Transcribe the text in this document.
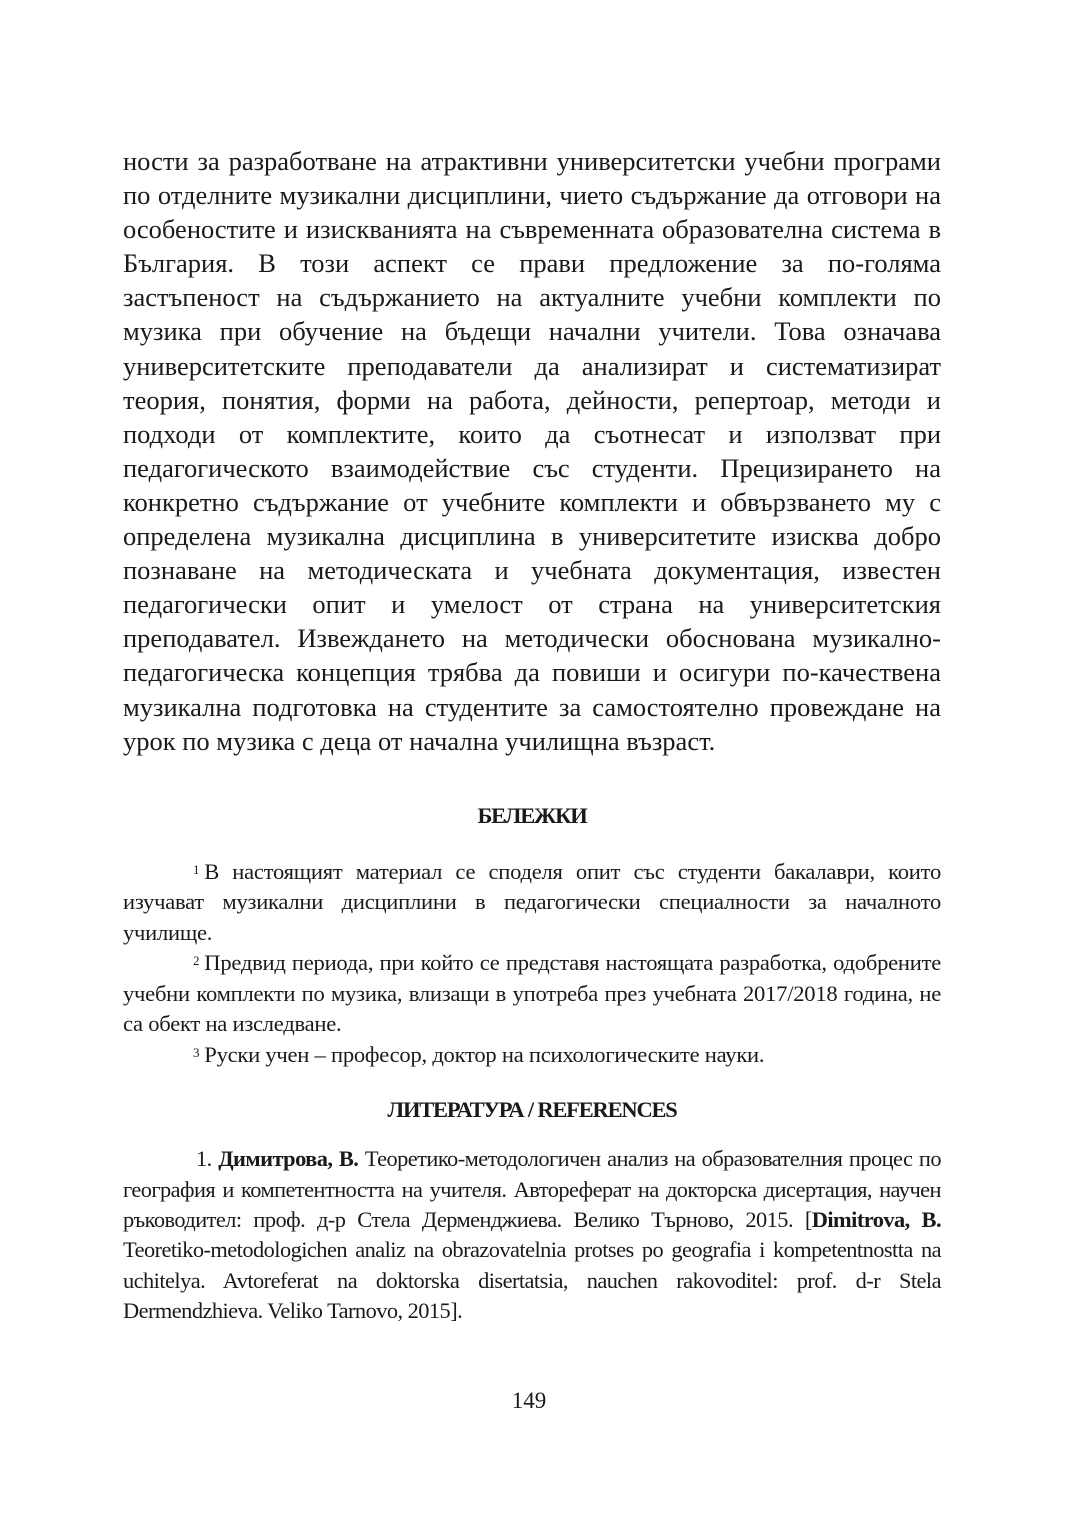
ности за разработване на атрактивни университетски учебни програми по отделните музикални дисциплини, чието съдържание да отговори на особеностите и изискванията на съвременната образователна система в България. В този аспект се прави предложение за по-голяма застъпеност на съдържанието на актуалните учебни комплекти по музика при обучение на бъдещи начални учители. Това означава университетските преподаватели да анализират и систематизират теория, понятия, форми на работа, дейности, репертоар, методи и подходи от комплектите, които да съотнесат и използват при педагогическото взаимодействие със студенти. Прецизирането на конкретно съдържание от учебните комплекти и обвързването му с определена музикална дисциплина в университетите изисква добро познаване на методическата и учебната документация, известен педагогически опит и умелост от страна на университетския преподавател. Извеждането на методически обоснована музикално-педагогическа концепция трябва да повиши и осигури по-качествена музикална подготовка на студентите за самостоятелно провеждане на урок по музика с деца от начална училищна възраст.

БЕЛЕЖКИ

$^1$ В настоящият материал се споделя опит със студенти бакалаври, които изучават музикални дисциплини в педагогически специалности за началното училище.

$^2$ Предвид периода, при който се представя настоящата разработка, одобрените учебни комплекти по музика, влизащи в употреба през учебната 2017/2018 година, не са обект на изследване.

$^3$ Руски учен – професор, доктор на психологическите науки.

ЛИТЕРАТУРА / REFERENCES

1. Димитрова, В. Теоретико-методологичен анализ на образователния процес по география и компетентността на учителя. Автореферат на докторска дисертация, научен ръководител: проф. д-р Стела Дерменджиева. Велико Търново, 2015. [Dimitrova, B. Teoretiko-metodologichen analiz na obrazovatelnia protses po geografia i kompetentnostta na uchitelya. Avtoreferat na doktorska disertatsia, nauchen rakovoditel: prof. d-r Stela Dermendzhieva. Veliko Tarnovo, 2015].

149
